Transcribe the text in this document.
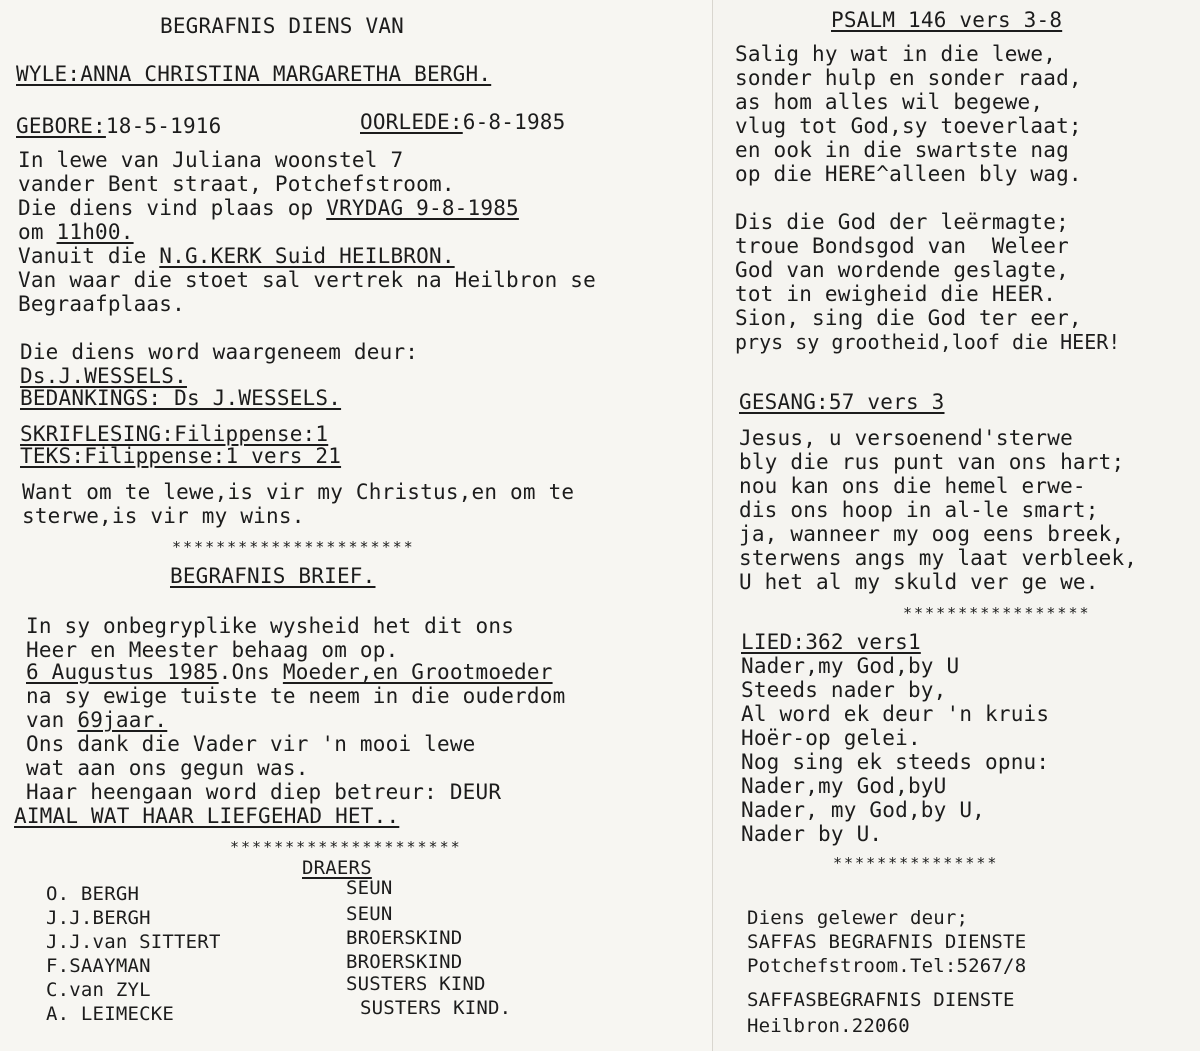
BEGRAFNIS DIENS VAN
WYLE:ANNA CHRISTINA MARGARETHA BERGH.
GEBORE:18-5-1916	OORLEDE:6-8-1985
In lewe van Juliana woonstel 7
vander Bent straat, Potchefstroom.
Die diens vind plaas op VRYDAG 9-8-1985
om 11h00.
Vanuit die N.G.KERK Suid HEILBRON.
Van waar die stoet sal vertrek na Heilbron se
Begraafplaas.
Die diens word waargeneem deur:
Ds.J.WESSELS.
BEDANKINGS: Ds J.WESSELS.
SKRIFLESING:Filippense:1
TEKS:Filippense:1 vers 21
Want om te lewe,is vir my Christus,en om te
sterwe,is vir my wins.
**********************
BEGRAFNIS BRIEF.
In sy onbegryplike wysheid het dit ons
Heer en Meester behaag om op.
6 Augustus 1985.Ons Moeder,en Grootmoeder
na sy ewige tuiste te neem in die ouderdom
van 69jaar.
Ons dank die Vader vir 'n mooi lewe
wat aan ons gegun was.
Haar heengaan word diep betreur: DEUR
AIMAL WAT HAAR LIEFGEHAD HET..
*********************
DRAERS
O. BERGH	SEUN
J.J.BERGH	SEUN
J.J.van SITTERT	BROERSKIND
F.SAAYMAN	BROERSKIND
C.van ZYL	SUSTERS KIND
A. LEIMECKE	SUSTERS KIND.
PSALM 146 vers 3-8
Salig hy wat in die lewe,
sonder hulp en sonder raad,
as hom alles wil begewe,
vlug tot God,sy toeverlaat;
en ook in die swartste nag
op die HERE^alleen bly wag.
Dis die God der leërmagte;
troue Bondsgod van  Weleer
God van wordende geslagte,
tot in ewigheid die HEER.
Sion, sing die God ter eer,
prys sy grootheid,loof die HEER!
GESANG:57 vers 3
Jesus, u versoenend'sterwe
bly die rus punt van ons hart;
nou kan ons die hemel erwe-
dis ons hoop in al-le smart;
ja, wanneer my oog eens breek,
sterwens angs my laat verbleek,
U het al my skuld ver ge we.
*****************
LIED:362 vers1
Nader,my God,by U
Steeds nader by,
Al word ek deur 'n kruis
Hoër-op gelei.
Nog sing ek steeds opnu:
Nader,my God,byU
Nader, my God,by U,
Nader by U.
***************
Diens gelewer deur;
SAFFAS BEGRAFNIS DIENSTE
Potchefstroom.Tel:5267/8
SAFFASBEGRAFNIS DIENSTE
Heilbron.22060
